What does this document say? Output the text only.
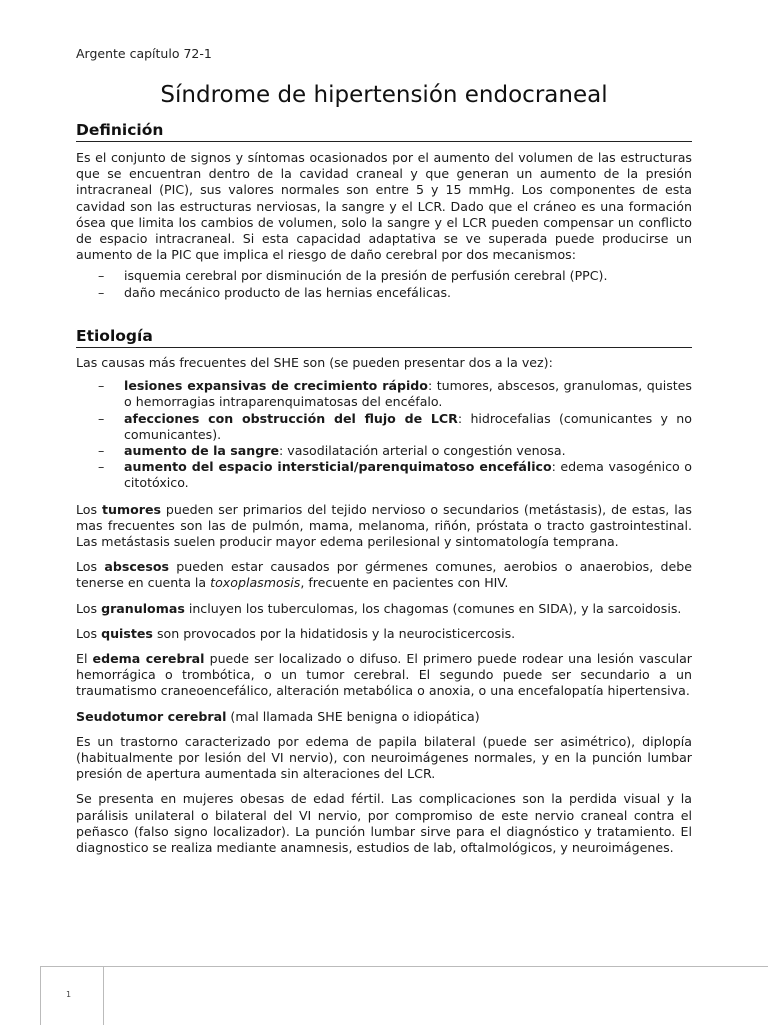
Argente capítulo 72-1
Síndrome de hipertensión endocraneal
Definición

Es el conjunto de signos y síntomas ocasionados por el aumento del volumen de las estructuras que se encuentran dentro de la cavidad craneal y que generan un aumento de la presión intracraneal (PIC), sus valores normales son entre 5 y 15 mmHg. Los componentes de esta cavidad son las estructuras nerviosas, la sangre y el LCR. Dado que el cráneo es una formación ósea que limita los cambios de volumen, solo la sangre y el LCR pueden compensar un conflicto de espacio intracraneal. Si esta capacidad adaptativa se ve superada puede producirse un aumento de la PIC que implica el riesgo de daño cerebral por dos mecanismos:

– isquemia cerebral por disminución de la presión de perfusión cerebral (PPC).
– daño mecánico producto de las hernias encefálicas.
Etiología

Las causas más frecuentes del SHE son (se pueden presentar dos a la vez):

– lesiones expansivas de crecimiento rápido: tumores, abscesos, granulomas, quistes o hemorragias intraparenquimatosas del encéfalo.
– afecciones con obstrucción del flujo de LCR: hidrocefalias (comunicantes y no comunicantes).
– aumento de la sangre: vasodilatación arterial o congestión venosa.
– aumento del espacio intersticial/parenquimatoso encefálico: edema vasogénico o citotóxico.

Los tumores pueden ser primarios del tejido nervioso o secundarios (metástasis), de estas, las mas frecuentes son las de pulmón, mama, melanoma, riñón, próstata o tracto gastrointestinal. Las metástasis suelen producir mayor edema perilesional y sintomatología temprana.

Los abscesos pueden estar causados por gérmenes comunes, aerobios o anaerobios, debe tenerse en cuenta la toxoplasmosis, frecuente en pacientes con HIV.

Los granulomas incluyen los tuberculomas, los chagomas (comunes en SIDA), y la sarcoidosis.

Los quistes son provocados por la hidatidosis y la neurocisticercosis.

El edema cerebral puede ser localizado o difuso. El primero puede rodear una lesión vascular hemorrágica o trombótica, o un tumor cerebral. El segundo puede ser secundario a un traumatismo craneoencefálico, alteración metabólica o anoxia, o una encefalopatía hipertensiva.

Seudotumor cerebral (mal llamada SHE benigna o idiopática)

Es un trastorno caracterizado por edema de papila bilateral (puede ser asimétrico), diplopía (habitualmente por lesión del VI nervio), con neuroimágenes normales, y en la punción lumbar presión de apertura aumentada sin alteraciones del LCR.

Se presenta en mujeres obesas de edad fértil. Las complicaciones son la perdida visual y la parálisis unilateral o bilateral del VI nervio, por compromiso de este nervio craneal contra el peñasco (falso signo localizador). La punción lumbar sirve para el diagnóstico y tratamiento. El diagnostico se realiza mediante anamnesis, estudios de lab, oftalmológicos, y neuroimágenes.

1
